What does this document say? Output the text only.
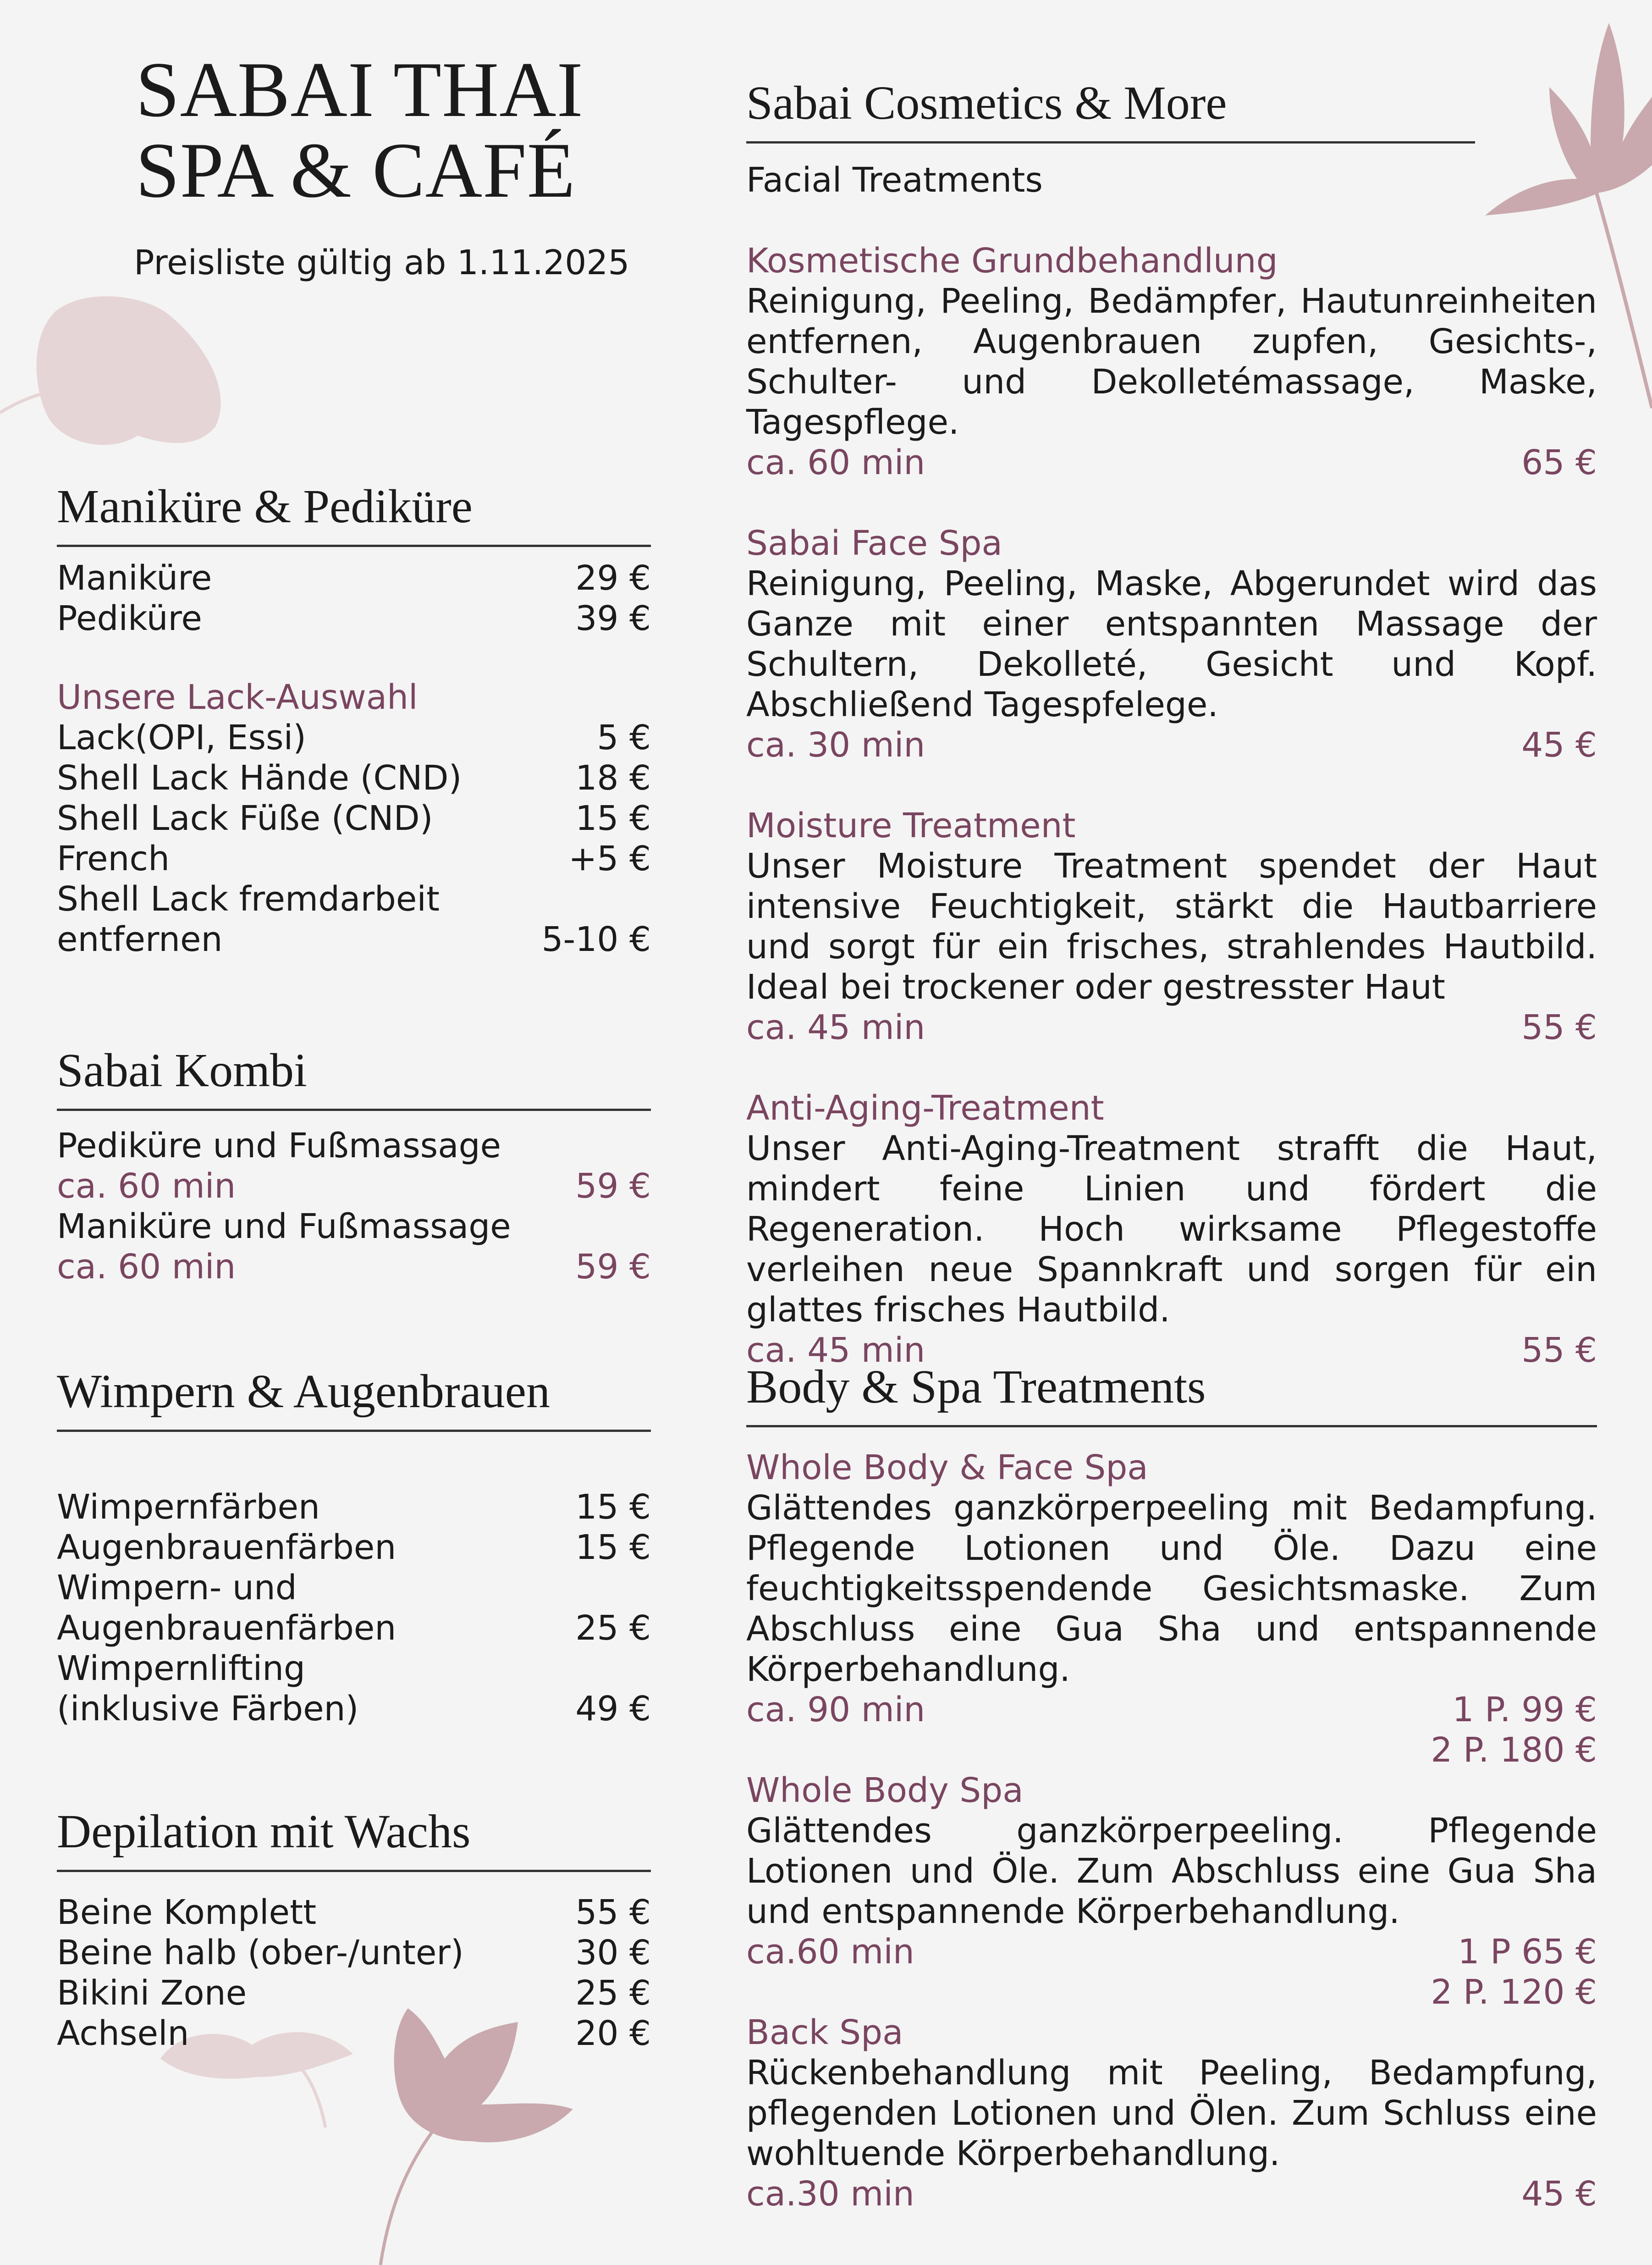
SABAI THAI
SPA & CAFÉ
Preisliste gültig ab 1.11.2025
Maniküre & Pediküre
Maniküre	29 €
Pediküre	39 €
Unsere Lack-Auswahl
Lack(OPI, Essi)	5 €
Shell Lack Hände (CND)	18 €
Shell Lack Füße (CND)	15 €
French	+5 €
Shell Lack fremdarbeit
entfernen	5-10 €
Sabai Kombi
Pediküre und Fußmassage
ca. 60 min	59 €
Maniküre und Fußmassage
ca. 60 min	59 €
Wimpern & Augenbrauen
Wimpernfärben	15 €
Augenbrauenfärben	15 €
Wimpern- und
Augenbrauenfärben	25 €
Wimpernlifting
(inklusive Färben)	49 €
Depilation mit Wachs
Beine Komplett	55 €
Beine halb (ober-/unter)	30 €
Bikini Zone	25 €
Achseln	20 €
Sabai Cosmetics & More
Facial Treatments
Kosmetische Grundbehandlung
Reinigung, Peeling, Bedämpfer, Hautunreinheiten entfernen, Augenbrauen zupfen, Gesichts-, Schulter- und Dekolletémassage, Maske, Tagespflege.
ca. 60 min	65 €
Sabai Face Spa
Reinigung, Peeling, Maske, Abgerundet wird das Ganze mit einer entspannten Massage der Schultern, Dekolleté, Gesicht und Kopf. Abschließend Tagespfelege.
ca. 30 min	45 €
Moisture Treatment
Unser Moisture Treatment spendet der Haut intensive Feuchtigkeit, stärkt die Hautbarriere und sorgt für ein frisches, strahlendes Hautbild. Ideal bei trockener oder gestresster Haut
ca. 45 min	55 €
Anti-Aging-Treatment
Unser Anti-Aging-Treatment strafft die Haut, mindert feine Linien und fördert die Regeneration. Hoch wirksame Pflegestoffe verleihen neue Spannkraft und sorgen für ein glattes frisches Hautbild.
ca. 45 min	55 €
Body & Spa Treatments
Whole Body & Face Spa
Glättendes ganzkörperpeeling mit Bedampfung. Pflegende Lotionen und Öle. Dazu eine feuchtigkeitsspendende Gesichtsmaske. Zum Abschluss eine Gua Sha und entspannende Körperbehandlung.
ca. 90 min	1 P. 99 €
2 P. 180 €
Whole Body Spa
Glättendes ganzkörperpeeling. Pflegende Lotionen und Öle. Zum Abschluss eine Gua Sha und entspannende Körperbehandlung.
ca.60 min	1 P 65 €
2 P. 120 €
Back Spa
Rückenbehandlung mit Peeling, Bedampfung, pflegenden Lotionen und Ölen. Zum Schluss eine wohltuende Körperbehandlung.
ca.30 min	45 €
